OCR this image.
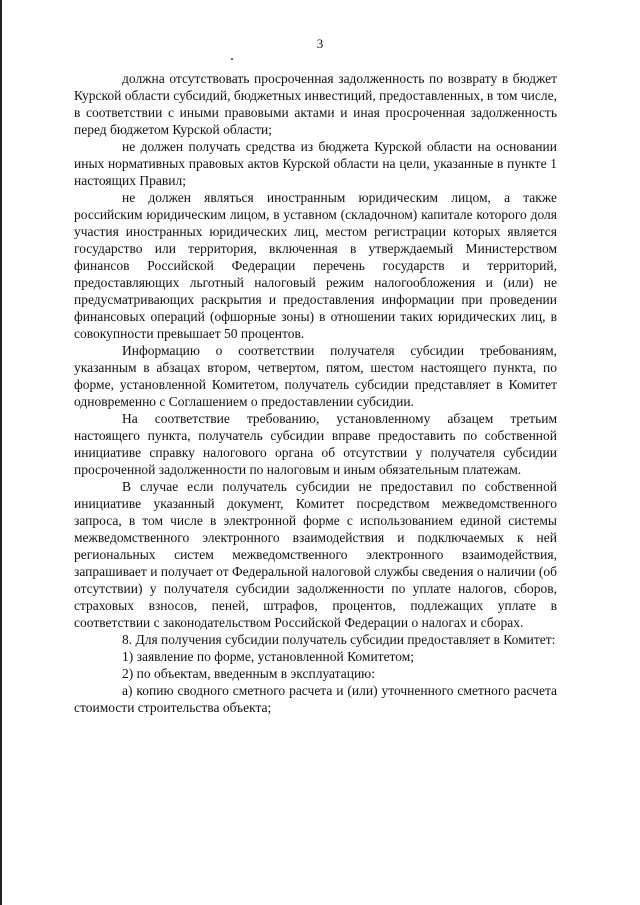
3

должна отсутствовать просроченная задолженность по возврату в бюджет Курской области субсидий, бюджетных инвестиций, предоставленных, в том числе, в соответствии с иными правовыми актами и иная просроченная задолженность перед бюджетом Курской области;

не должен получать средства из бюджета Курской области на основании иных нормативных правовых актов Курской области на цели, указанные в пункте 1 настоящих Правил;

не должен являться иностранным юридическим лицом, а также российским юридическим лицом, в уставном (складочном) капитале которого доля участия иностранных юридических лиц, местом регистрации которых является государство или территория, включенная в утверждаемый Министерством финансов Российской Федерации перечень государств и территорий, предоставляющих льготный налоговый режим налогообложения и (или) не предусматривающих раскрытия и предоставления информации при проведении финансовых операций (офшорные зоны) в отношении таких юридических лиц, в совокупности превышает 50 процентов.

Информацию о соответствии получателя субсидии требованиям, указанным в абзацах втором, четвертом, пятом, шестом настоящего пункта, по форме, установленной Комитетом, получатель субсидии представляет в Комитет одновременно с Соглашением о предоставлении субсидии.

На соответствие требованию, установленному абзацем третьим настоящего пункта, получатель субсидии вправе предоставить по собственной инициативе справку налогового органа об отсутствии у получателя субсидии просроченной задолженности по налоговым и иным обязательным платежам.

В случае если получатель субсидии не предоставил по собственной инициативе указанный документ, Комитет посредством межведомственного запроса, в том числе в электронной форме с использованием единой системы межведомственного электронного взаимодействия и подключаемых к ней региональных систем межведомственного электронного взаимодействия, запрашивает и получает от Федеральной налоговой службы сведения о наличии (об отсутствии) у получателя субсидии задолженности по уплате налогов, сборов, страховых взносов, пеней, штрафов, процентов, подлежащих уплате в соответствии с законодательством Российской Федерации о налогах и сборах.

8. Для получения субсидии получатель субсидии предоставляет в Комитет:

1) заявление по форме, установленной Комитетом;

2) по объектам, введенным в эксплуатацию:

а) копию сводного сметного расчета и (или) уточненного сметного расчета стоимости строительства объекта;
